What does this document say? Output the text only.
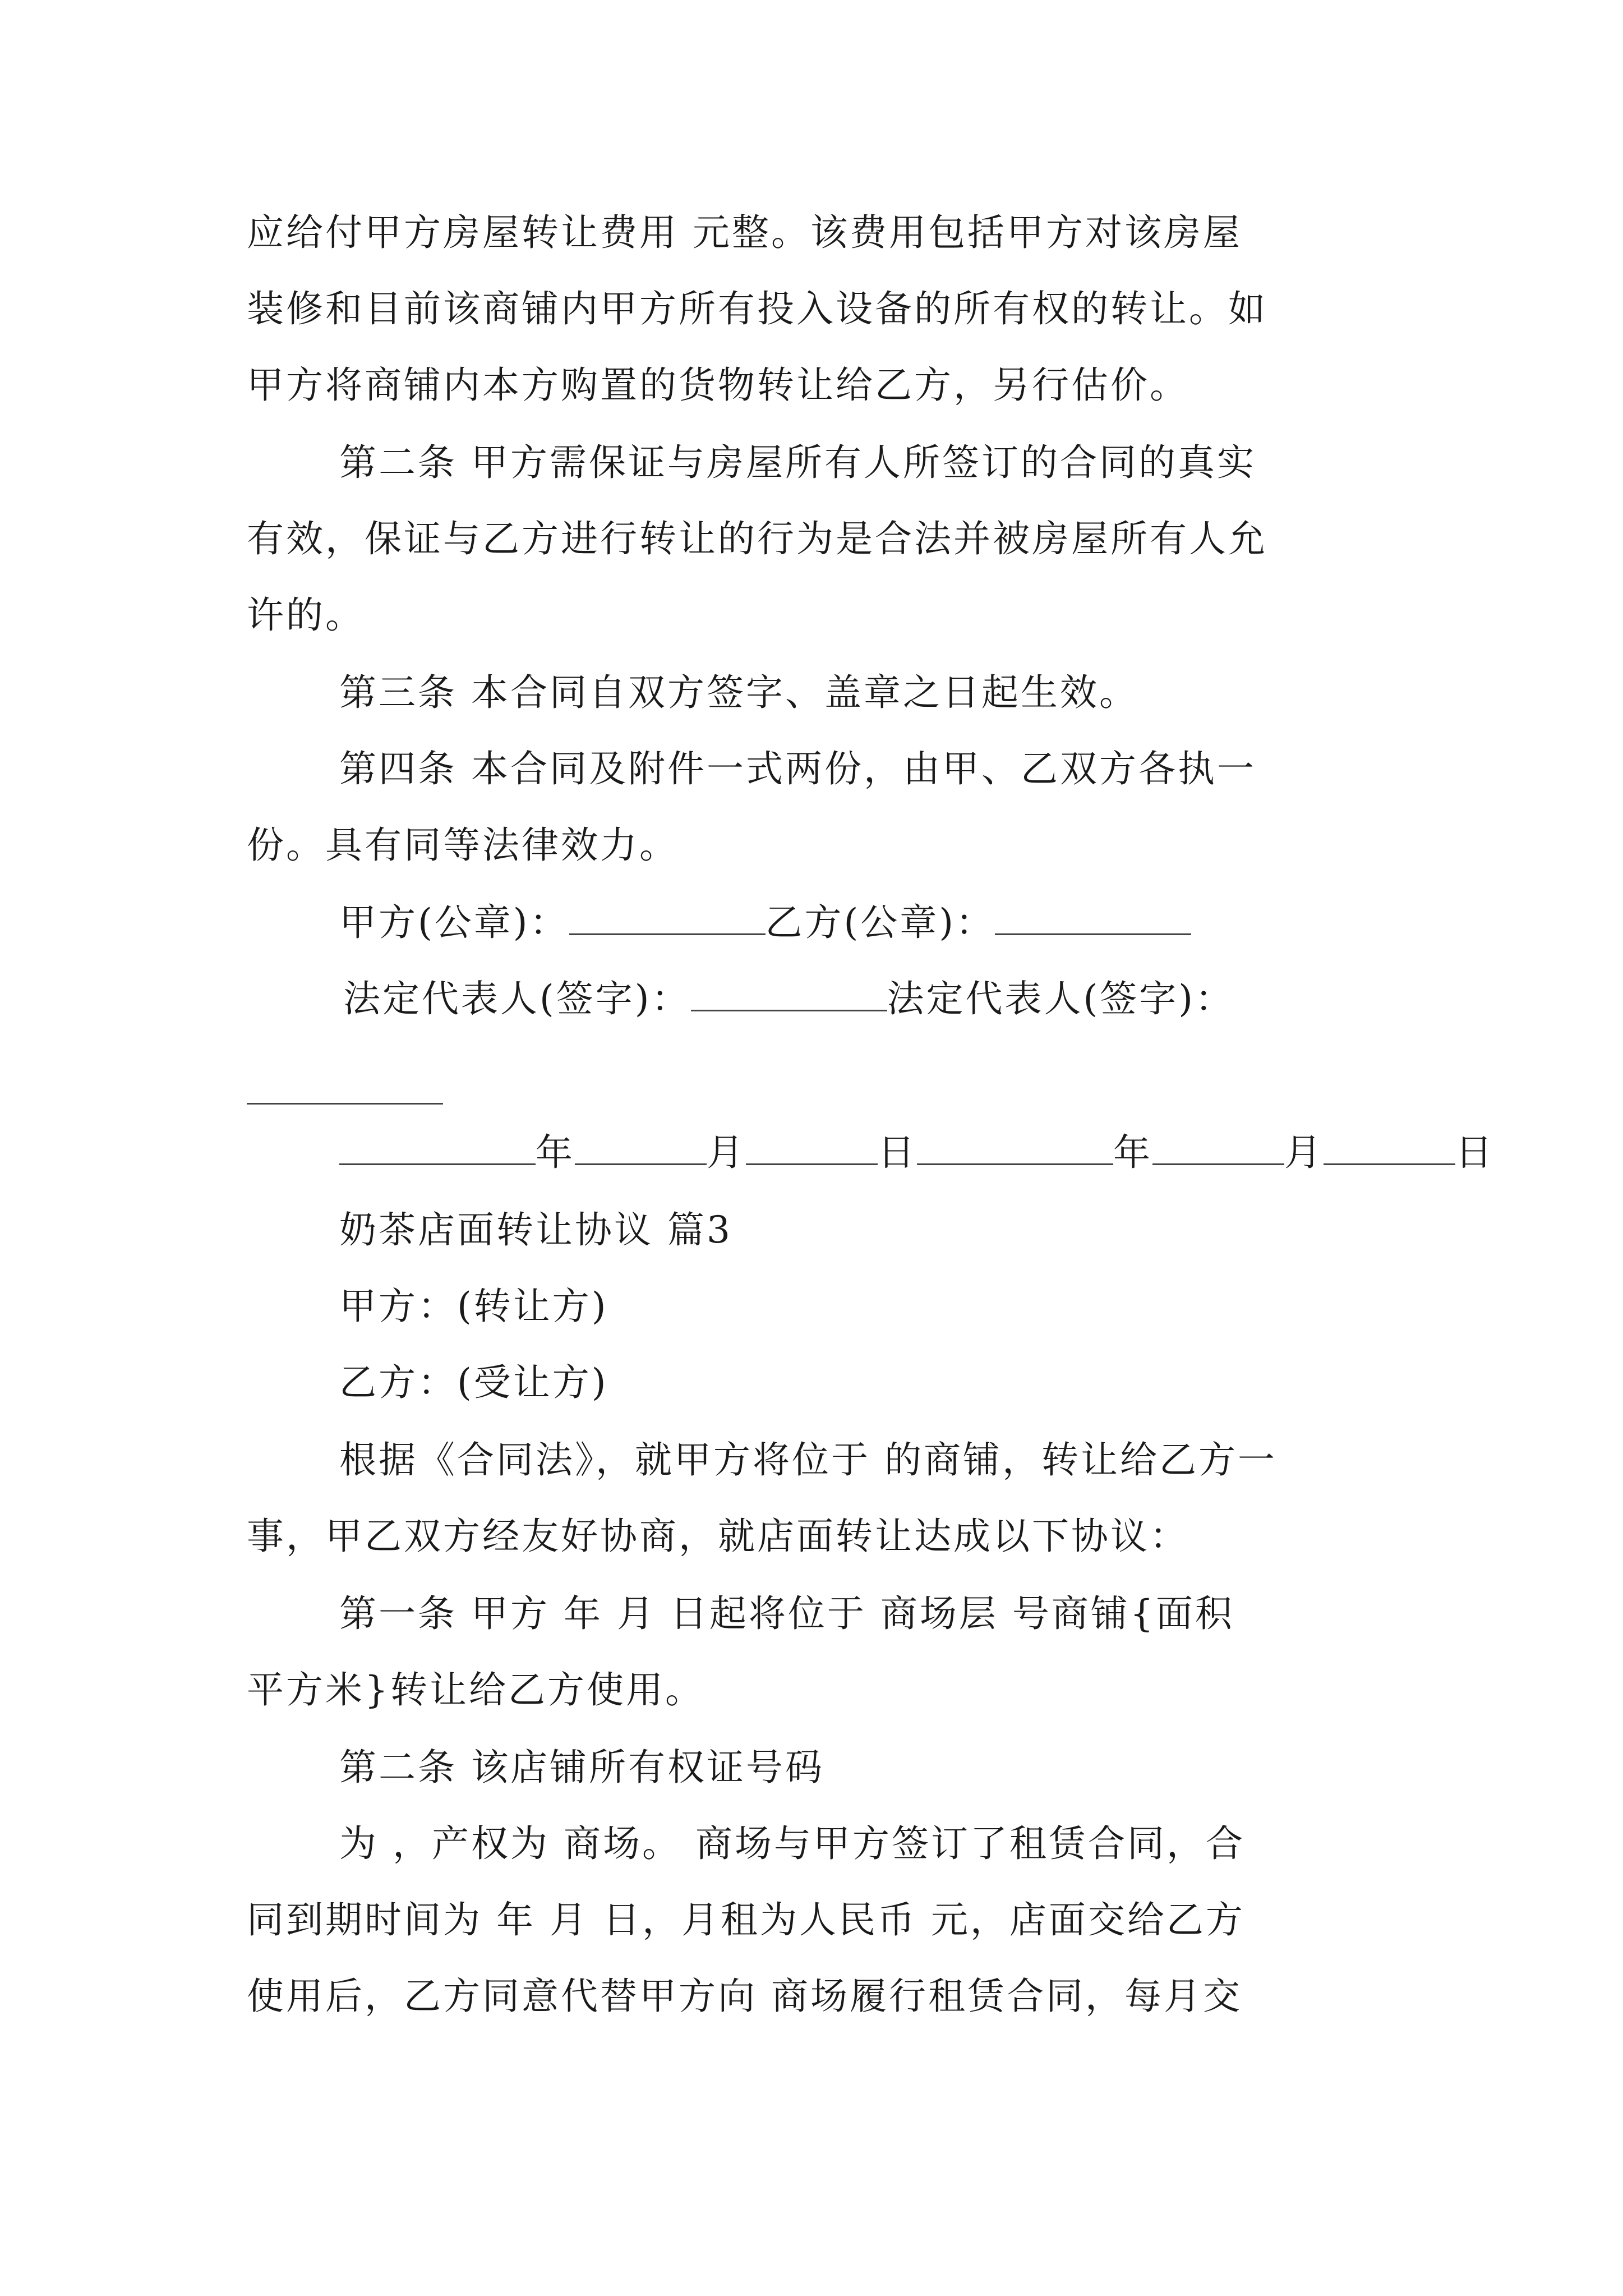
应给付甲方房屋转让费用 元整。该费用包括甲方对该房屋
装修和目前该商铺内甲方所有投入设备的所有权的转让。如
甲方将商铺内本方购置的货物转让给乙方，另行估价。
第二条 甲方需保证与房屋所有人所签订的合同的真实
有效，保证与乙方进行转让的行为是合法并被房屋所有人允
许的。
第三条 本合同自双方签字、盖章之日起生效。
第四条 本合同及附件一式两份，由甲、乙双方各执一
份。具有同等法律效力。
甲方(公章)：	乙方(公章)：
法定代表人(签字)：	法定代表人(签字)：
年	月	日	年	月	日
奶茶店面转让协议 篇3
甲方：(转让方)
乙方：(受让方)
根据《合同法》，就甲方将位于 的商铺，转让给乙方一
事，甲乙双方经友好协商，就店面转让达成以下协议：
第一条 甲方 年 月 日起将位于 商场层 号商铺{面积
平方米}转让给乙方使用。
第二条 该店铺所有权证号码
为 ，产权为 商场。 商场与甲方签订了租赁合同，合
同到期时间为 年 月 日，月租为人民币 元，店面交给乙方
使用后，乙方同意代替甲方向 商场履行租赁合同，每月交
